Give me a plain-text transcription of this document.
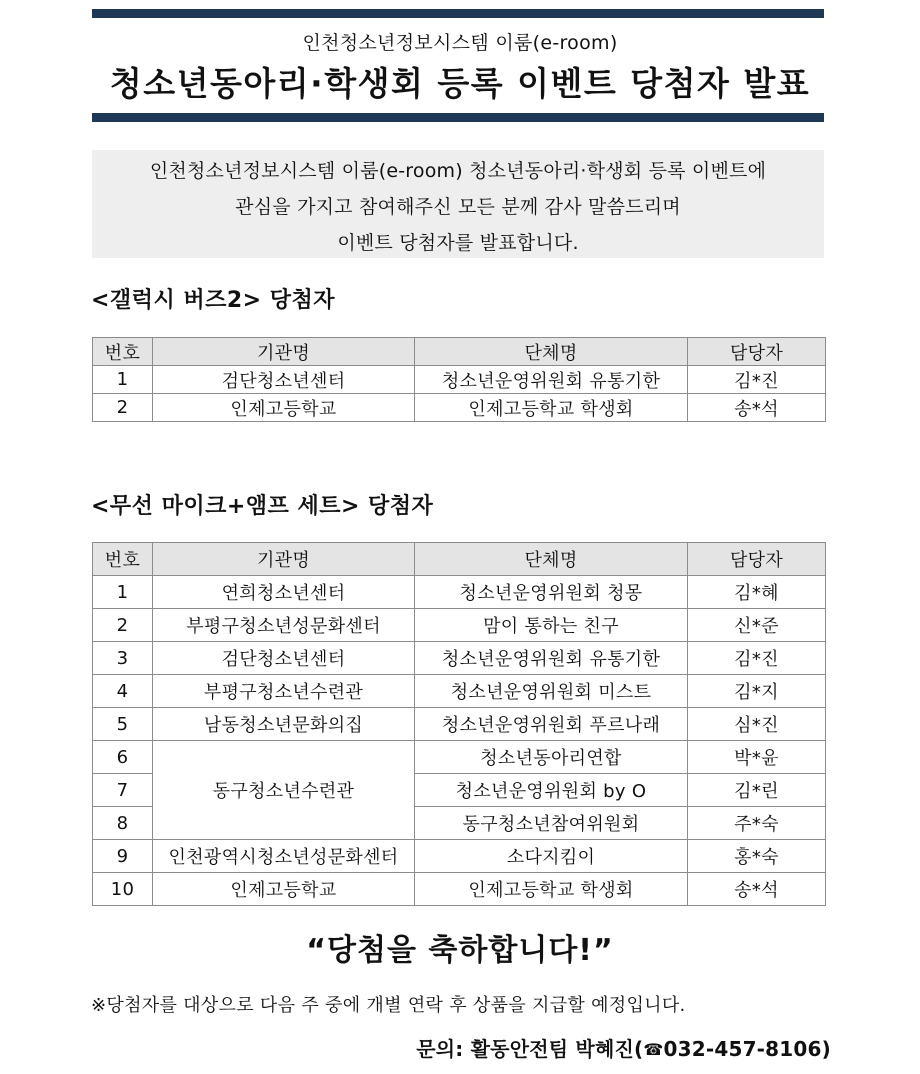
인천청소년정보시스템 이룸(e-room)
청소년동아리·학생회 등록 이벤트 당첨자 발표
인천청소년정보시스템 이룸(e-room) 청소년동아리·학생회 등록 이벤트에
관심을 가지고 참여해주신 모든 분께 감사 말씀드리며
이벤트 당첨자를 발표합니다.
<갤럭시 버즈2> 당첨자
번호	기관명	단체명	담당자
1	검단청소년센터	청소년운영위원회 유통기한	김*진
2	인제고등학교	인제고등학교 학생회	송*석
<무선 마이크+앰프 세트> 당첨자
번호	기관명	단체명	담당자
1	연희청소년센터	청소년운영위원회 청몽	김*혜
2	부평구청소년성문화센터	맘이 통하는 친구	신*준
3	검단청소년센터	청소년운영위원회 유통기한	김*진
4	부평구청소년수련관	청소년운영위원회 미스트	김*지
5	남동청소년문화의집	청소년운영위원회 푸르나래	심*진
6	동구청소년수련관	청소년동아리연합	박*윤
7		청소년운영위원회 by O	김*린
8		동구청소년참여위원회	주*숙
9	인천광역시청소년성문화센터	소다지킴이	홍*숙
10	인제고등학교	인제고등학교 학생회	송*석
“당첨을 축하합니다!”
※당첨자를 대상으로 다음 주 중에 개별 연락 후 상품을 지급할 예정입니다.
문의: 활동안전팀 박혜진(☎032-457-8106)
